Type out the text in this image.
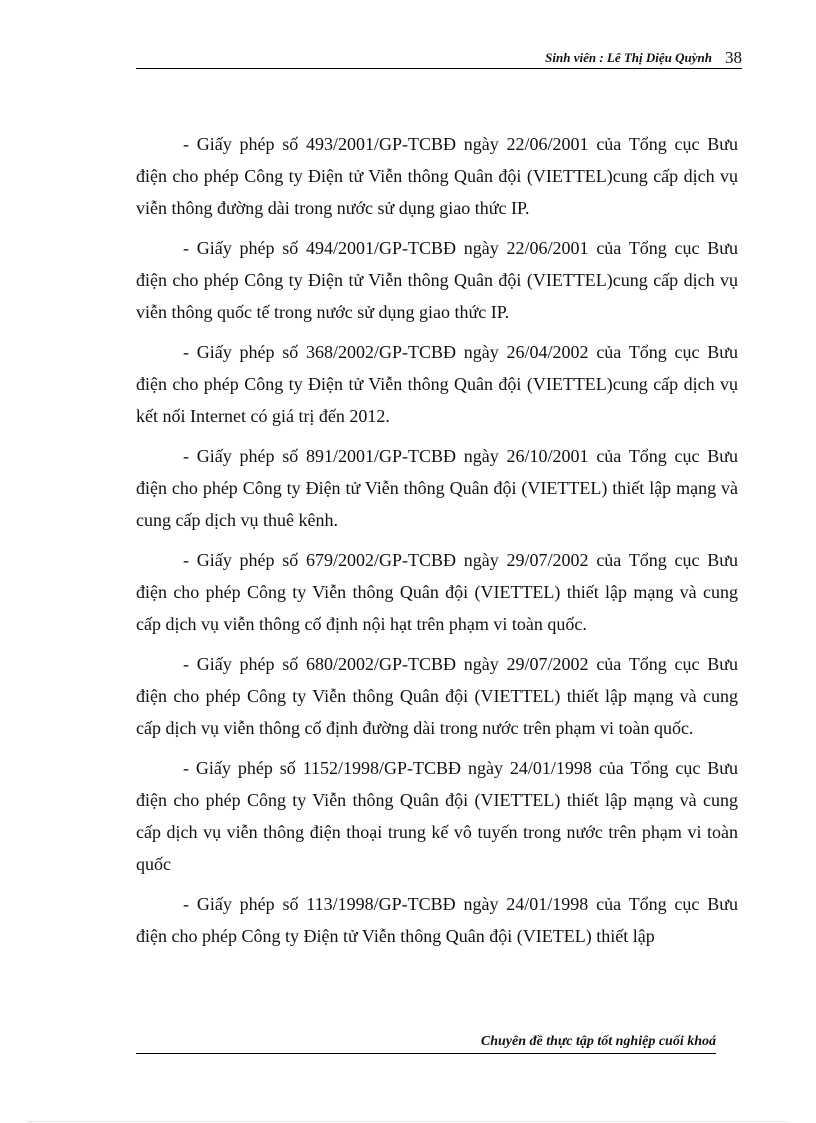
Sinh viên : Lê Thị Diệu Quỳnh 38

- Giấy phép số 493/2001/GP-TCBĐ ngày 22/06/2001 của Tổng cục Bưu điện cho phép Công ty Điện tử Viễn thông Quân đội (VIETTEL)cung cấp dịch vụ viễn thông đường dài trong nước sử dụng giao thức IP.

- Giấy phép số 494/2001/GP-TCBĐ ngày 22/06/2001 của Tổng cục Bưu điện cho phép Công ty Điện tử Viễn thông Quân đội (VIETTEL)cung cấp dịch vụ viễn thông quốc tế trong nước sử dụng giao thức IP.

- Giấy phép số 368/2002/GP-TCBĐ ngày 26/04/2002 của Tổng cục Bưu điện cho phép Công ty Điện tử Viễn thông Quân đội (VIETTEL)cung cấp dịch vụ kết nối Internet có giá trị đến 2012.

- Giấy phép số 891/2001/GP-TCBĐ ngày 26/10/2001 của Tổng cục Bưu điện cho phép Công ty Điện tử Viễn thông Quân đội (VIETTEL) thiết lập mạng và cung cấp dịch vụ thuê kênh.

- Giấy phép số 679/2002/GP-TCBĐ ngày 29/07/2002 của Tổng cục Bưu điện cho phép Công ty Viễn thông Quân đội (VIETTEL) thiết lập mạng và cung cấp dịch vụ viễn thông cố định nội hạt trên phạm vi toàn quốc.

- Giấy phép số 680/2002/GP-TCBĐ ngày 29/07/2002 của Tổng cục Bưu điện cho phép Công ty Viễn thông Quân đội (VIETTEL) thiết lập mạng và cung cấp dịch vụ viễn thông cố định đường dài trong nước trên phạm vi toàn quốc.

- Giấy phép số 1152/1998/GP-TCBĐ ngày 24/01/1998 của Tổng cục Bưu điện cho phép Công ty Viễn thông Quân đội (VIETTEL) thiết lập mạng và cung cấp dịch vụ viễn thông điện thoại trung kế vô tuyến trong nước trên phạm vi toàn quốc

- Giấy phép số 113/1998/GP-TCBĐ ngày 24/01/1998 của Tổng cục Bưu điện cho phép Công ty Điện tử Viễn thông Quân đội (VIETEL) thiết lập

Chuyên đề thực tập tốt nghiệp cuối khoá
